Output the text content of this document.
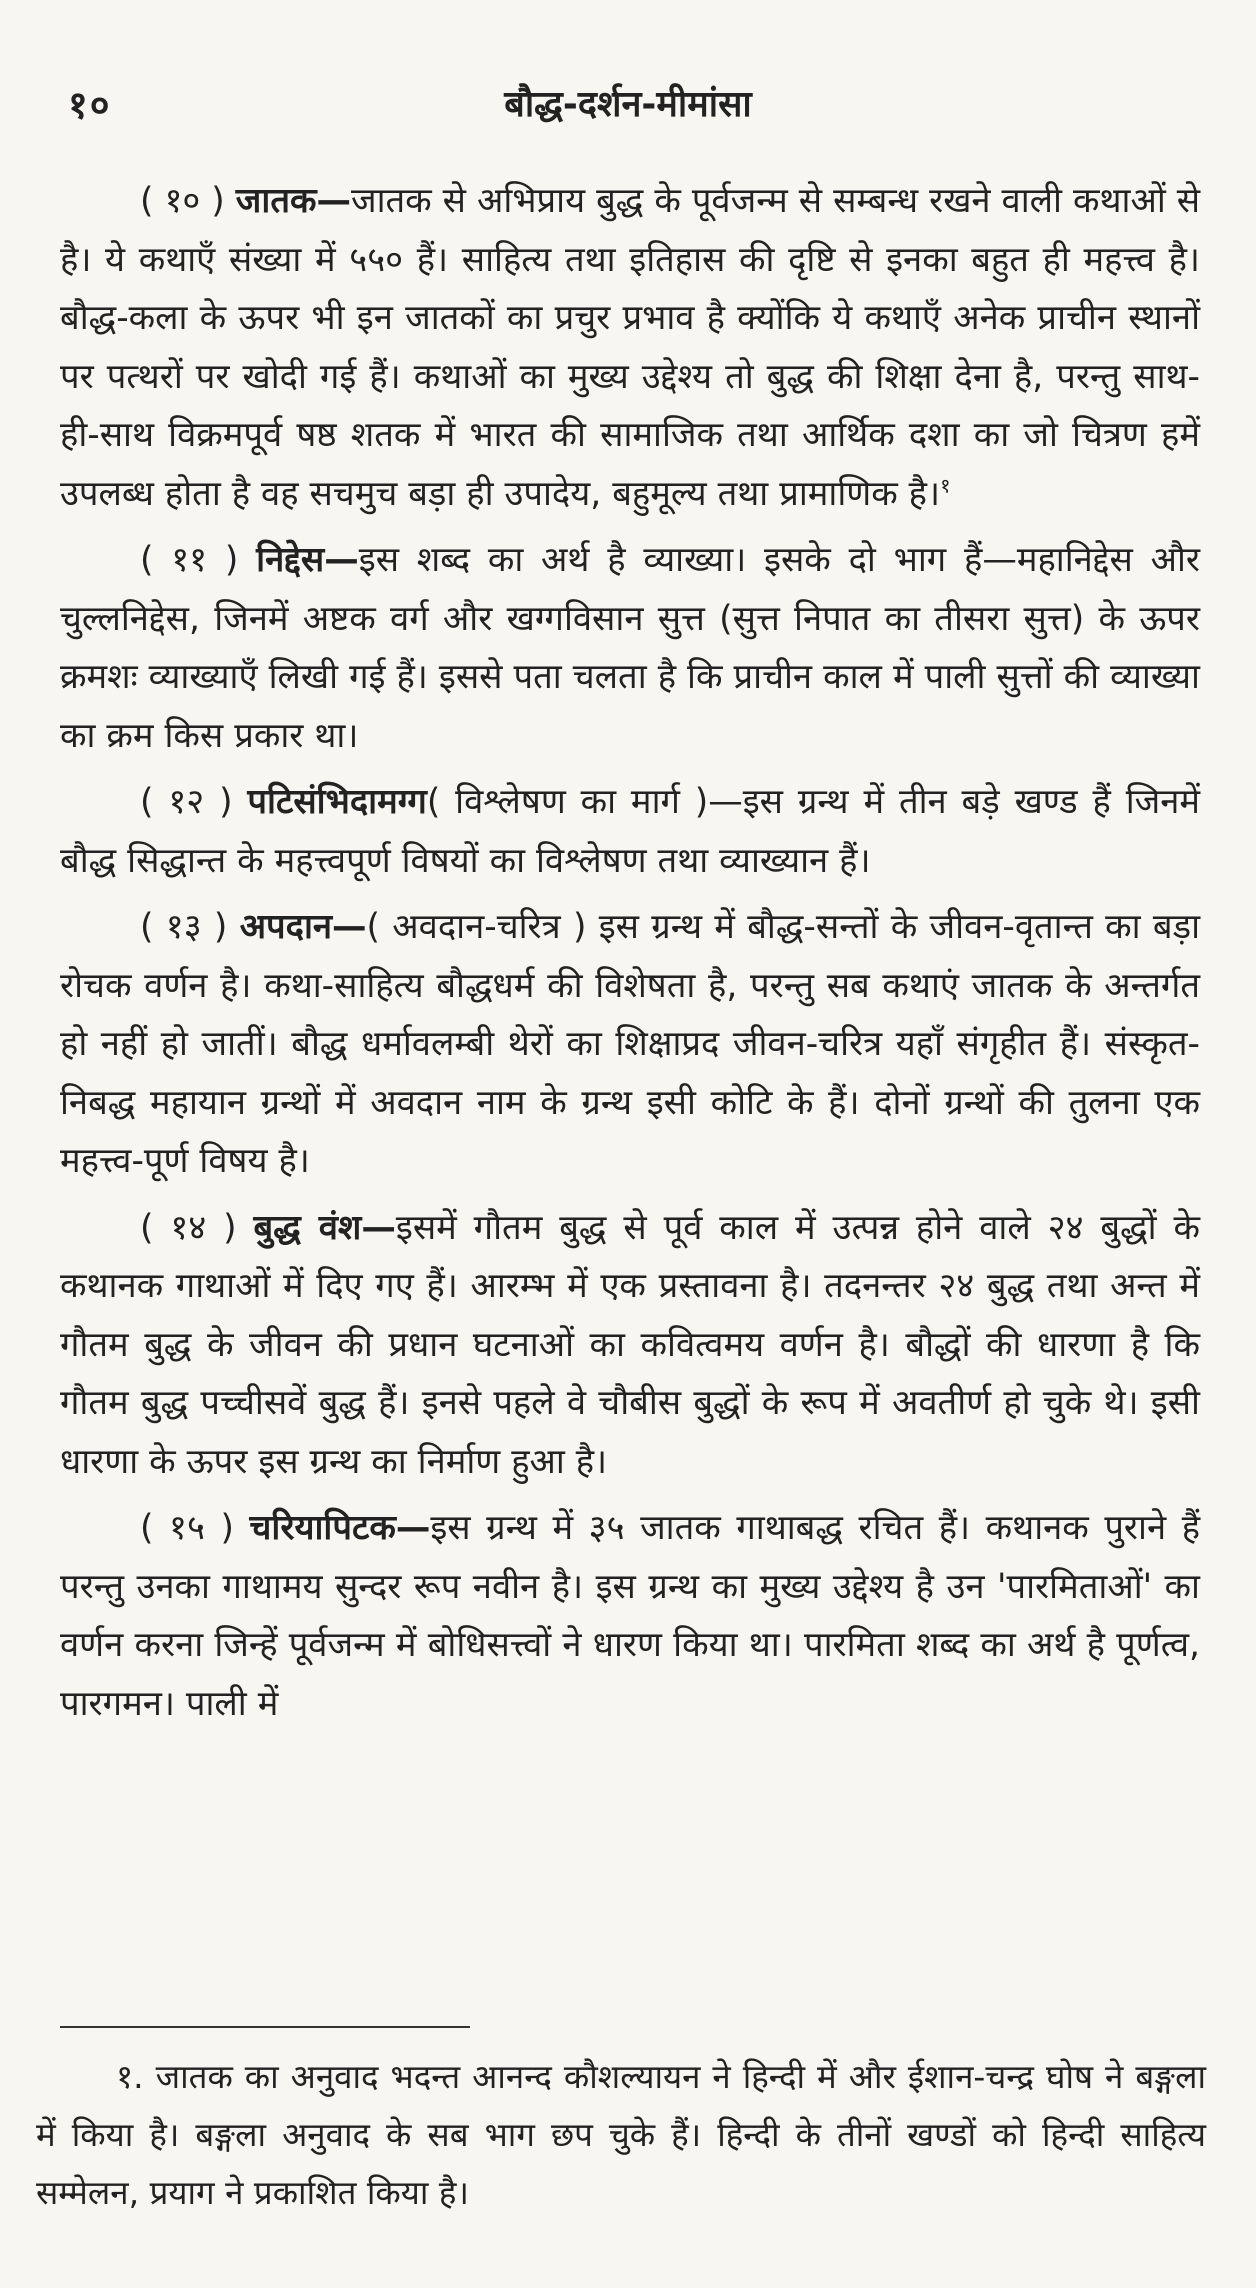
१०	बौद्ध-दर्शन-मीमांसा

( १० ) जातक—जातक से अभिप्राय बुद्ध के पूर्वजन्म से सम्बन्ध रखने वाली कथाओं से है। ये कथाएँ संख्या में ५५० हैं। साहित्य तथा इतिहास की दृष्टि से इनका बहुत ही महत्त्व है। बौद्ध-कला के ऊपर भी इन जातकों का प्रचुर प्रभाव है क्योंकि ये कथाएँ अनेक प्राचीन स्थानों पर पत्थरों पर खोदी गई हैं। कथाओं का मुख्य उद्देश्य तो बुद्ध की शिक्षा देना है, परन्तु साथ-ही-साथ विक्रमपूर्व षष्ठ शतक में भारत की सामाजिक तथा आर्थिक दशा का जो चित्रण हमें उपलब्ध होता है वह सचमुच बड़ा ही उपादेय, बहुमूल्य तथा प्रामाणिक है।$^१$

( ११ ) निद्देस—इस शब्द का अर्थ है व्याख्या। इसके दो भाग हैं—महानिद्देस और चुल्लनिद्देस, जिनमें अष्टक वर्ग और खग्गविसान सुत्त (सुत्त निपात का तीसरा सुत्त) के ऊपर क्रमशः व्याख्याएँ लिखी गई हैं। इससे पता चलता है कि प्राचीन काल में पाली सुत्तों की व्याख्या का क्रम किस प्रकार था।

( १२ ) पटिसंभिदामग्ग( विश्लेषण का मार्ग )—इस ग्रन्थ में तीन बड़े खण्ड हैं जिनमें बौद्ध सिद्धान्त के महत्त्वपूर्ण विषयों का विश्लेषण तथा व्याख्यान हैं।

( १३ ) अपदान—( अवदान-चरित्र ) इस ग्रन्थ में बौद्ध-सन्तों के जीवन-वृतान्त का बड़ा रोचक वर्णन है। कथा-साहित्य बौद्धधर्म की विशेषता है, परन्तु सब कथाएं जातक के अन्तर्गत हो नहीं हो जातीं। बौद्ध धर्मावलम्बी थेरों का शिक्षाप्रद जीवन-चरित्र यहाँ संगृहीत हैं। संस्कृत-निबद्ध महायान ग्रन्थों में अवदान नाम के ग्रन्थ इसी कोटि के हैं। दोनों ग्रन्थों की तुलना एक महत्त्व-पूर्ण विषय है।

( १४ ) बुद्ध वंश—इसमें गौतम बुद्ध से पूर्व काल में उत्पन्न होने वाले २४ बुद्धों के कथानक गाथाओं में दिए गए हैं। आरम्भ में एक प्रस्तावना है। तदनन्तर २४ बुद्ध तथा अन्त में गौतम बुद्ध के जीवन की प्रधान घटनाओं का कवित्वमय वर्णन है। बौद्धों की धारणा है कि गौतम बुद्ध पच्चीसवें बुद्ध हैं। इनसे पहले वे चौबीस बुद्धों के रूप में अवतीर्ण हो चुके थे। इसी धारणा के ऊपर इस ग्रन्थ का निर्माण हुआ है।

( १५ ) चरियापिटक—इस ग्रन्थ में ३५ जातक गाथाबद्ध रचित हैं। कथानक पुराने हैं परन्तु उनका गाथामय सुन्दर रूप नवीन है। इस ग्रन्थ का मुख्य उद्देश्य है उन 'पारमिताओं' का वर्णन करना जिन्हें पूर्वजन्म में बोधिसत्त्वों ने धारण किया था। पारमिता शब्द का अर्थ है पूर्णत्व, पारगमन। पाली में

१. जातक का अनुवाद भदन्त आनन्द कौशल्यायन ने हिन्दी में और ईशान-चन्द्र घोष ने बङ्गला में किया है। बङ्गला अनुवाद के सब भाग छप चुके हैं। हिन्दी के तीनों खण्डों को हिन्दी साहित्य सम्मेलन, प्रयाग ने प्रकाशित किया है।
